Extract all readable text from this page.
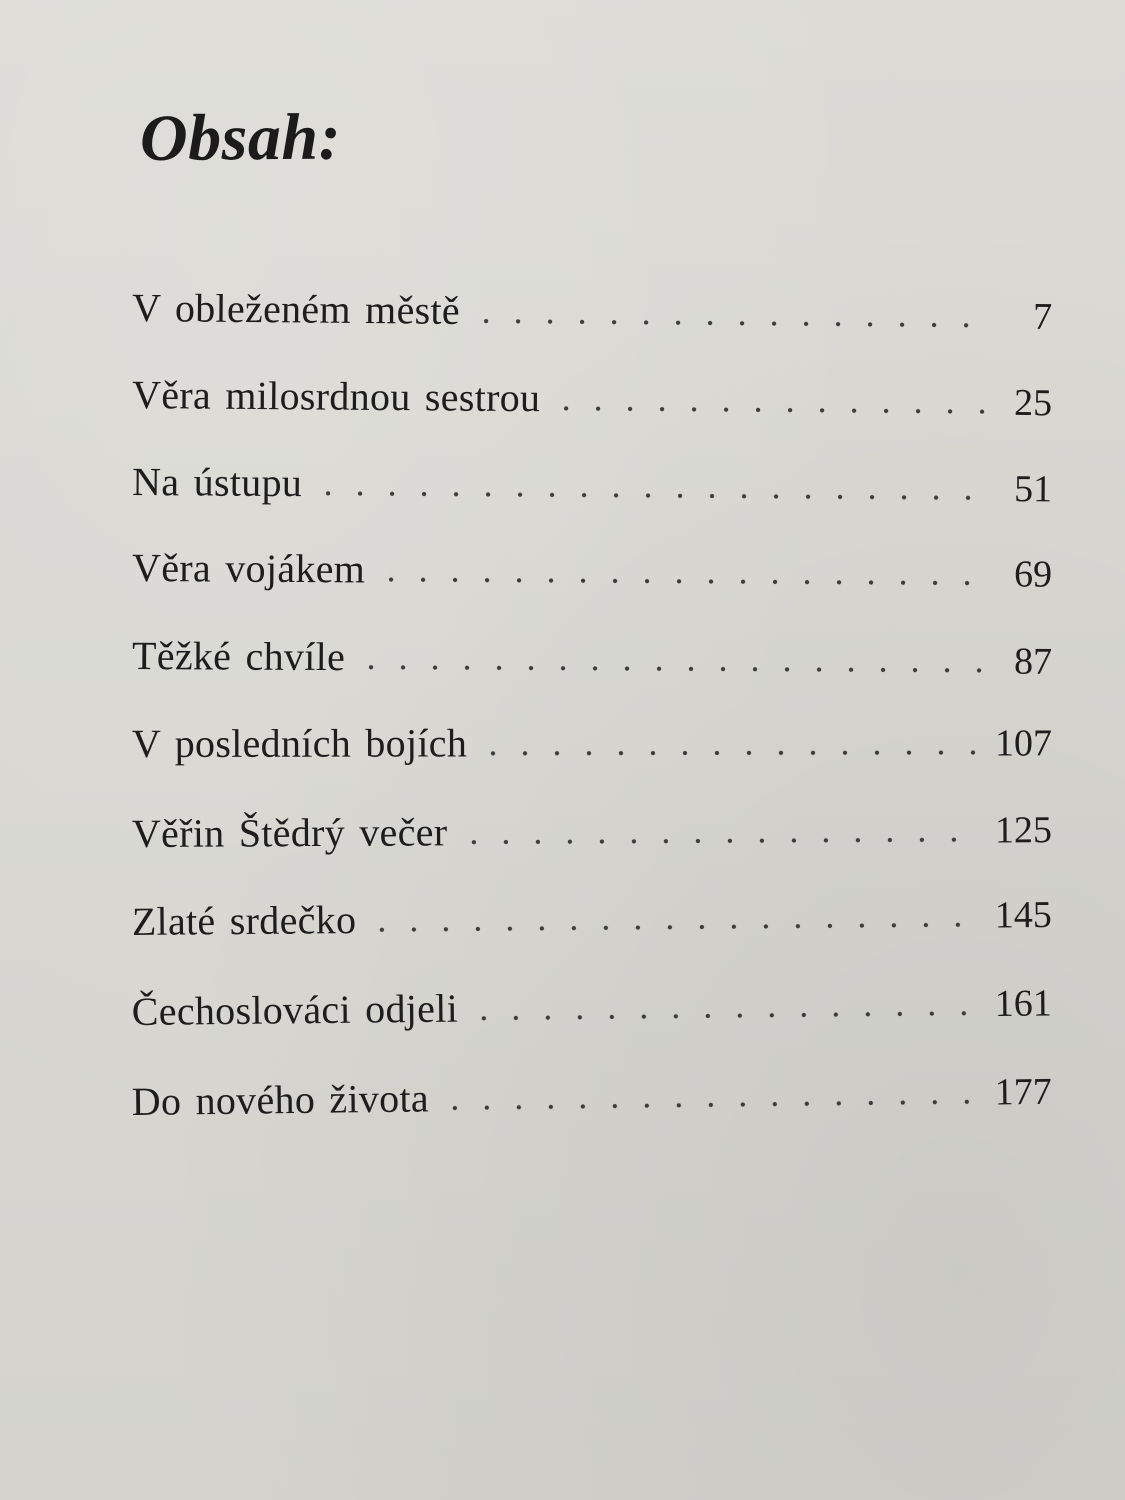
Obsah:
V obleženém městě	7
Věra milosrdnou sestrou	25
Na ústupu	51
Věra vojákem	69
Těžké chvíle	87
V posledních bojích	107
Věřin Štědrý večer	125
Zlaté srdečko	145
Čechoslováci odjeli	161
Do nového života	177
